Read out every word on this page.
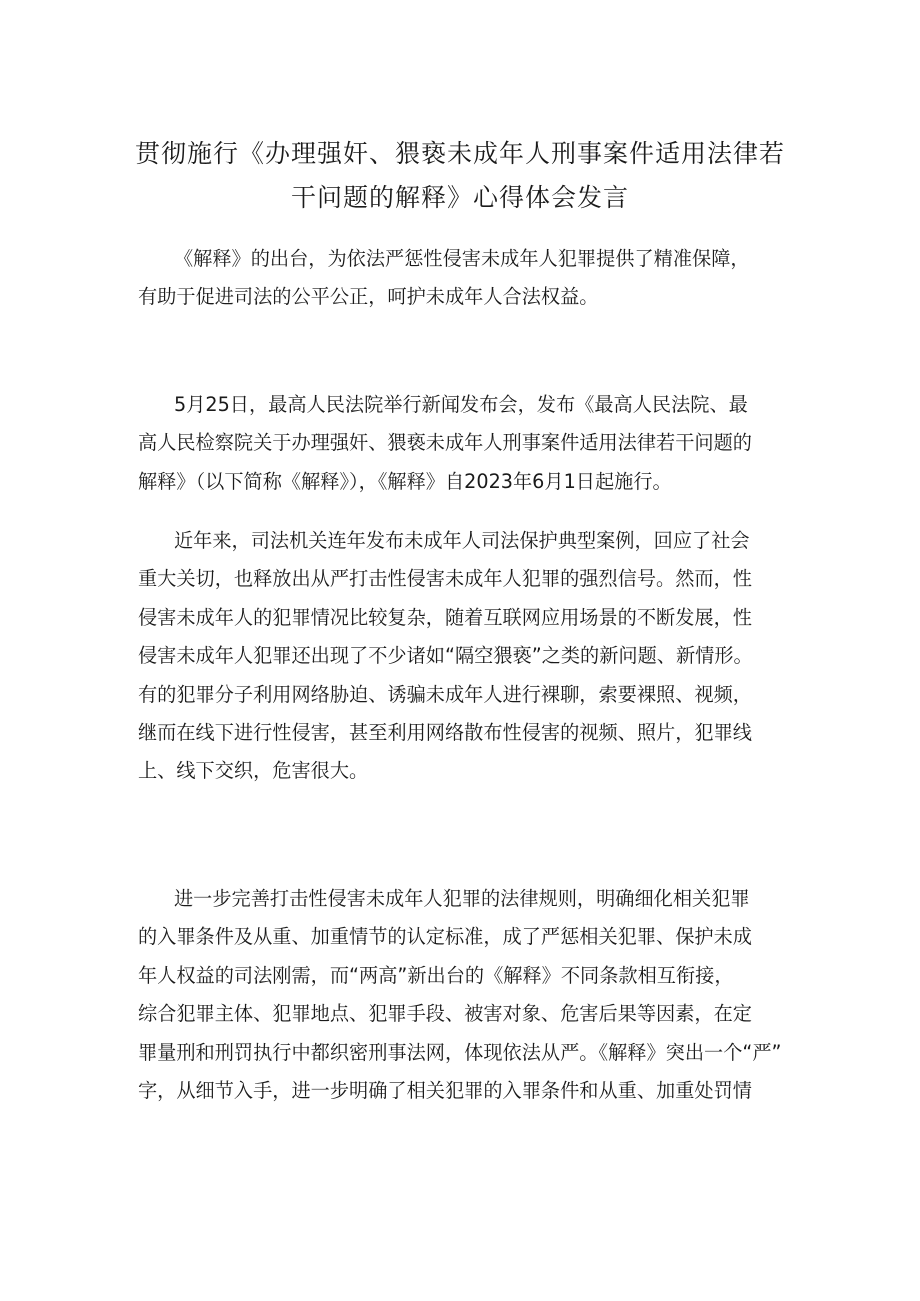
贯彻施行《办理强奸、猥亵未成年人刑事案件适用法律若
干问题的解释》心得体会发言
《解释》的出台，为依法严惩性侵害未成年人犯罪提供了精准保障，
有助于促进司法的公平公正，呵护未成年人合法权益。
5月25日，最高人民法院举行新闻发布会，发布《最高人民法院、最
高人民检察院关于办理强奸、猥亵未成年人刑事案件适用法律若干问题的
解释》（以下简称《解释》），《解释》自2023年6月1日起施行。
近年来，司法机关连年发布未成年人司法保护典型案例，回应了社会
重大关切，也释放出从严打击性侵害未成年人犯罪的强烈信号。然而，性
侵害未成年人的犯罪情况比较复杂，随着互联网应用场景的不断发展，性
侵害未成年人犯罪还出现了不少诸如“隔空猥亵”之类的新问题、新情形。
有的犯罪分子利用网络胁迫、诱骗未成年人进行裸聊，索要裸照、视频，
继而在线下进行性侵害，甚至利用网络散布性侵害的视频、照片，犯罪线
上、线下交织，危害很大。
进一步完善打击性侵害未成年人犯罪的法律规则，明确细化相关犯罪
的入罪条件及从重、加重情节的认定标准，成了严惩相关犯罪、保护未成
年人权益的司法刚需，而“两高”新出台的《解释》不同条款相互衔接，
综合犯罪主体、犯罪地点、犯罪手段、被害对象、危害后果等因素，在定
罪量刑和刑罚执行中都织密刑事法网，体现依法从严。《解释》突出一个“严”
字，从细节入手，进一步明确了相关犯罪的入罪条件和从重、加重处罚情
